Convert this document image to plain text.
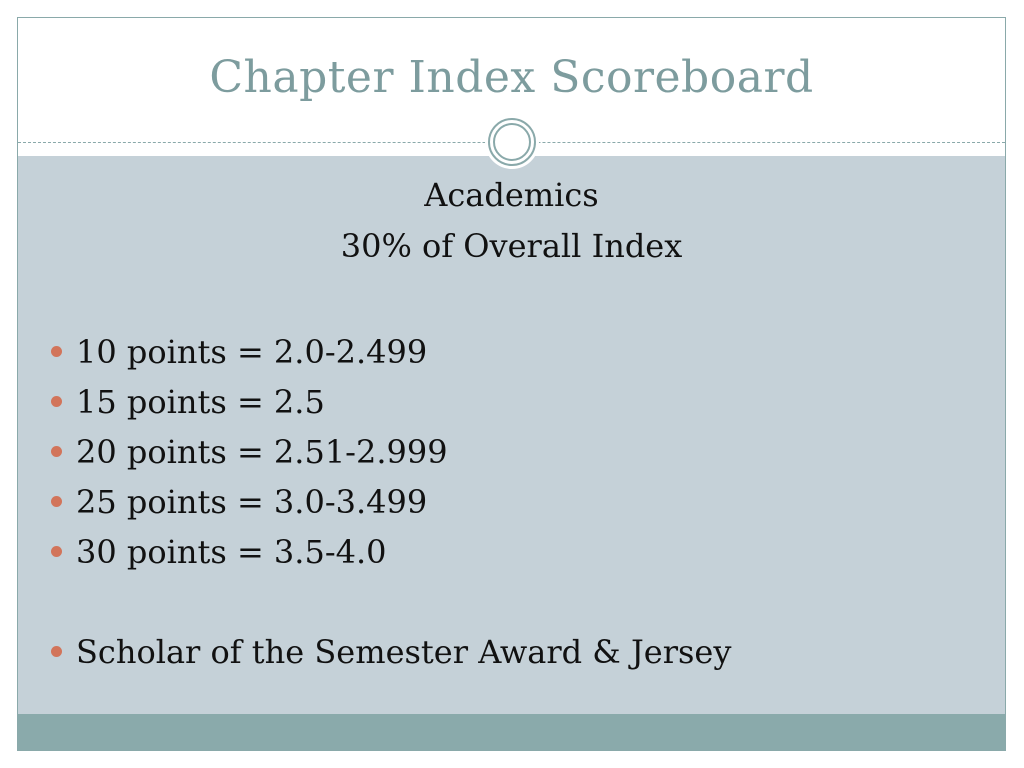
Chapter Index Scoreboard
Academics
30% of Overall Index
10 points = 2.0-2.499
15 points = 2.5
20 points = 2.51-2.999
25 points = 3.0-3.499
30 points = 3.5-4.0
Scholar of the Semester Award & Jersey
